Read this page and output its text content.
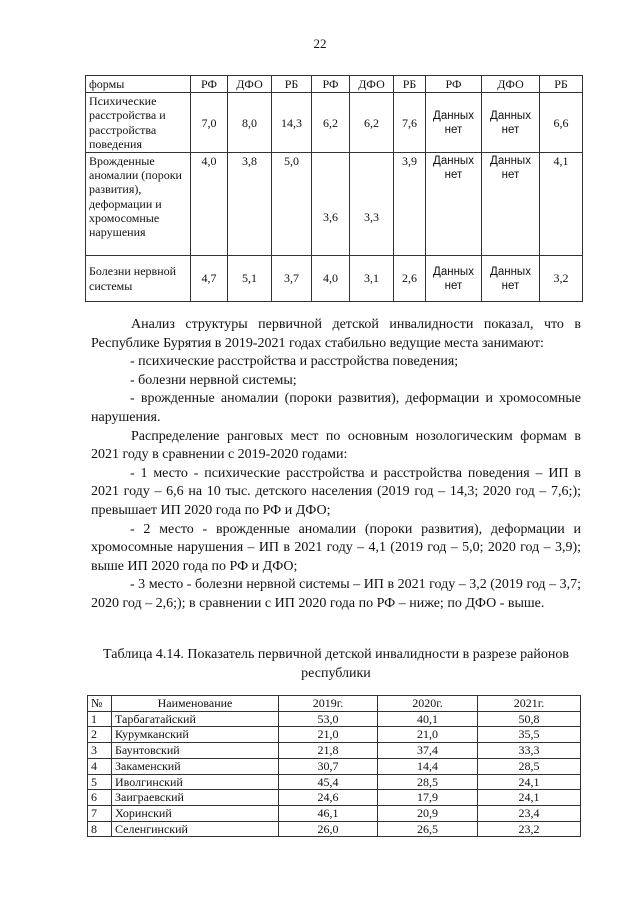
22
формы	РФ	ДФО	РБ	РФ	ДФО	РБ	РФ	ДФО	РБ
Психические расстройства и расстройства поведения	7,0	8,0	14,3	6,2	6,2	7,6	Данных нет	Данных нет	6,6
Врожденные аномалии (пороки развития), деформации и хромосомные нарушения	4,0	3,8	5,0	3,6	3,3	3,9	Данных нет	Данных нет	4,1
Болезни нервной системы	4,7	5,1	3,7	4,0	3,1	2,6	Данных нет	Данных нет	3,2

Анализ структуры первичной детской инвалидности показал, что в Республике Бурятия в 2019-2021 годах стабильно ведущие места занимают:

- психические расстройства и расстройства поведения;

- болезни нервной системы;

- врожденные аномалии (пороки развития), деформации и хромосомные нарушения.

Распределение ранговых мест по основным нозологическим формам в 2021 году в сравнении с 2019-2020 годами:

- 1 место - психические расстройства и расстройства поведения – ИП в 2021 году – 6,6 на 10 тыс. детского населения (2019 год – 14,3; 2020 год – 7,6;); превышает ИП 2020 года по РФ и ДФО;

- 2 место - врожденные аномалии (пороки развития), деформации и хромосомные нарушения – ИП в 2021 году – 4,1 (2019 год – 5,0; 2020 год – 3,9); выше ИП 2020 года по РФ и ДФО;

- 3 место - болезни нервной системы – ИП в 2021 году – 3,2 (2019 год – 3,7; 2020 год – 2,6;); в сравнении с ИП 2020 года по РФ – ниже; по ДФО - выше.

Таблица 4.14. Показатель первичной детской инвалидности в разрезе районов республики
№	Наименование	2019г.	2020г.	2021г.
1	Тарбагатайский	53,0	40,1	50,8
2	Курумканский	21,0	21,0	35,5
3	Баунтовский	21,8	37,4	33,3
4	Закаменский	30,7	14,4	28,5
5	Иволгинский	45,4	28,5	24,1
6	Заиграевский	24,6	17,9	24,1
7	Хоринский	46,1	20,9	23,4
8	Селенгинский	26,0	26,5	23,2
